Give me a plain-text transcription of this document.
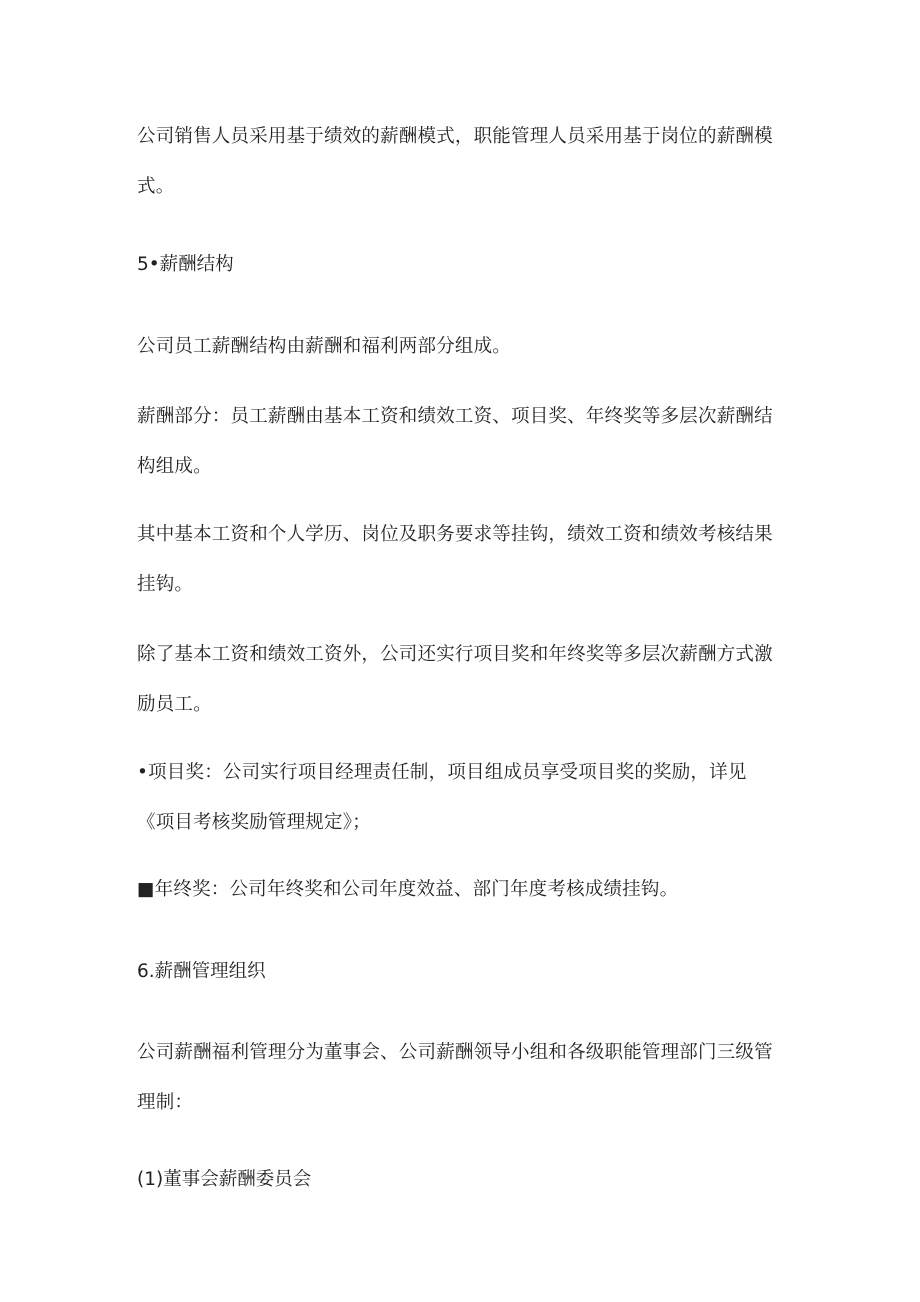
公司销售人员采用基于绩效的薪酬模式，职能管理人员采用基于岗位的薪酬模式。

5•薪酬结构

公司员工薪酬结构由薪酬和福利两部分组成。

薪酬部分：员工薪酬由基本工资和绩效工资、项目奖、年终奖等多层次薪酬结构组成。

其中基本工资和个人学历、岗位及职务要求等挂钩，绩效工资和绩效考核结果挂钩。

除了基本工资和绩效工资外，公司还实行项目奖和年终奖等多层次薪酬方式激励员工。

•项目奖：公司实行项目经理责任制，项目组成员享受项目奖的奖励，详见《项目考核奖励管理规定》；

■年终奖：公司年终奖和公司年度效益、部门年度考核成绩挂钩。

6.薪酬管理组织

公司薪酬福利管理分为董事会、公司薪酬领导小组和各级职能管理部门三级管理制：

(1)董事会薪酬委员会
